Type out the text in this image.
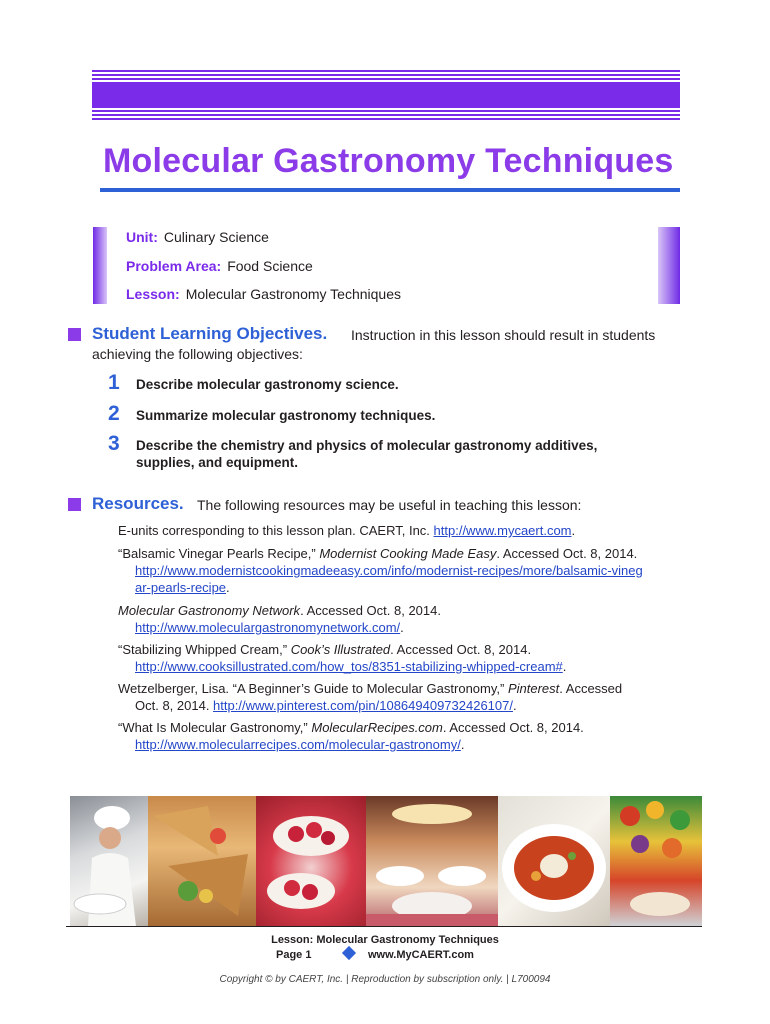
Molecular Gastronomy Techniques
Unit: Culinary Science
Problem Area: Food Science
Lesson: Molecular Gastronomy Techniques
Student Learning Objectives. Instruction in this lesson should result in students
achieving the following objectives:
1 Describe molecular gastronomy science.
2 Summarize molecular gastronomy techniques.
3 Describe the chemistry and physics of molecular gastronomy additives, supplies, and equipment.
Resources. The following resources may be useful in teaching this lesson:
E-units corresponding to this lesson plan. CAERT, Inc. http://www.mycaert.com.
“Balsamic Vinegar Pearls Recipe,” Modernist Cooking Made Easy. Accessed Oct. 8, 2014.
http://www.modernistcookingmadeeasy.com/info/modernist-recipes/more/balsamic-vinegar-pearls-recipe.
Molecular Gastronomy Network. Accessed Oct. 8, 2014.
http://www.moleculargastronomynetwork.com/.
“Stabilizing Whipped Cream,” Cook’s Illustrated. Accessed Oct. 8, 2014.
http://www.cooksillustrated.com/how_tos/8351-stabilizing-whipped-cream#.
Wetzelberger, Lisa. “A Beginner’s Guide to Molecular Gastronomy,” Pinterest. Accessed
Oct. 8, 2014. http://www.pinterest.com/pin/108649409732426107/.
“What Is Molecular Gastronomy,” MolecularRecipes.com. Accessed Oct. 8, 2014.
http://www.molecularrecipes.com/molecular-gastronomy/.
Lesson: Molecular Gastronomy Techniques
Page 1	www.MyCAERT.com
Copyright © by CAERT, Inc. | Reproduction by subscription only. | L700094
